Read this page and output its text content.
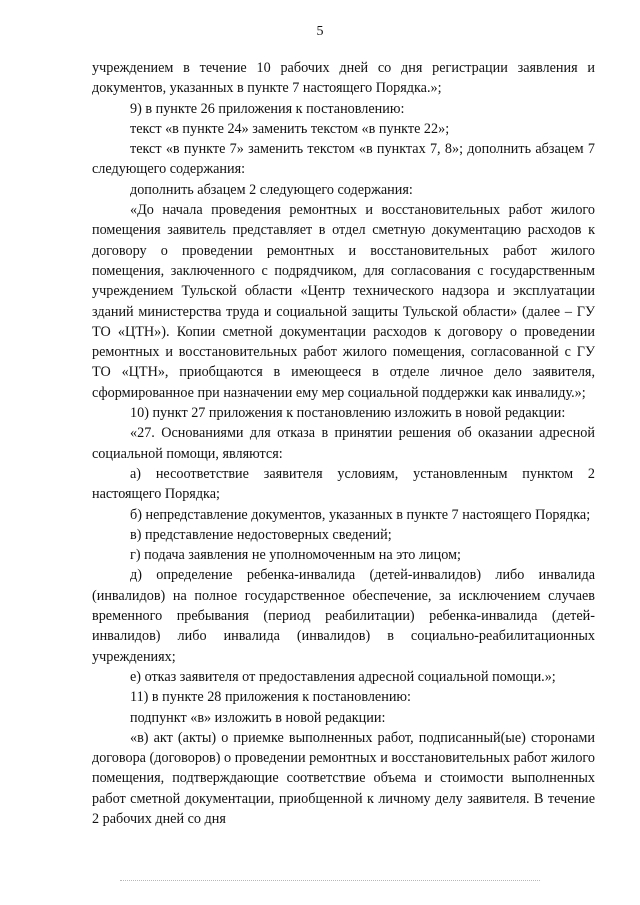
5

учреждением в течение 10 рабочих дней со дня регистрации заявления и документов, указанных в пункте 7 настоящего Порядка.»;

9) в пункте 26 приложения к постановлению:

текст «в пункте 24» заменить текстом «в пункте 22»;

текст «в пункте 7» заменить текстом «в пунктах 7, 8»; дополнить абзацем 7 следующего содержания:

дополнить абзацем 2 следующего содержания:

«До начала проведения ремонтных и восстановительных работ жилого помещения заявитель представляет в отдел сметную документацию расходов к договору о проведении ремонтных и восстановительных работ жилого помещения, заключенного с подрядчиком, для согласования с государственным учреждением Тульской области «Центр технического надзора и эксплуатации зданий министерства труда и социальной защиты Тульской области» (далее – ГУ ТО «ЦТН»). Копии сметной документации расходов к договору о проведении ремонтных и восстановительных работ жилого помещения, согласованной с ГУ ТО «ЦТН», приобщаются в имеющееся в отделе личное дело заявителя, сформированное при назначении ему мер социальной поддержки как инвалиду.»;

10) пункт 27 приложения к постановлению изложить в новой редакции:

«27. Основаниями для отказа в принятии решения об оказании адресной социальной помощи, являются:

а) несоответствие заявителя условиям, установленным пунктом 2 настоящего Порядка;

б) непредставление документов, указанных в пункте 7 настоящего Порядка;

в) представление недостоверных сведений;

г) подача заявления не уполномоченным на это лицом;

д) определение ребенка-инвалида (детей-инвалидов) либо инвалида (инвалидов) на полное государственное обеспечение, за исключением случаев временного пребывания (период реабилитации) ребенка-инвалида (детей-инвалидов) либо инвалида (инвалидов) в социально-реабилитационных учреждениях;

е) отказ заявителя от предоставления адресной социальной помощи.»;

11) в пункте 28 приложения к постановлению:

подпункт «в» изложить в новой редакции:

«в) акт (акты) о приемке выполненных работ, подписанный(ые) сторонами договора (договоров) о проведении ремонтных и восстановительных работ жилого помещения, подтверждающие соответствие объема и стоимости выполненных работ сметной документации, приобщенной к личному делу заявителя. В течение 2 рабочих дней со дня
